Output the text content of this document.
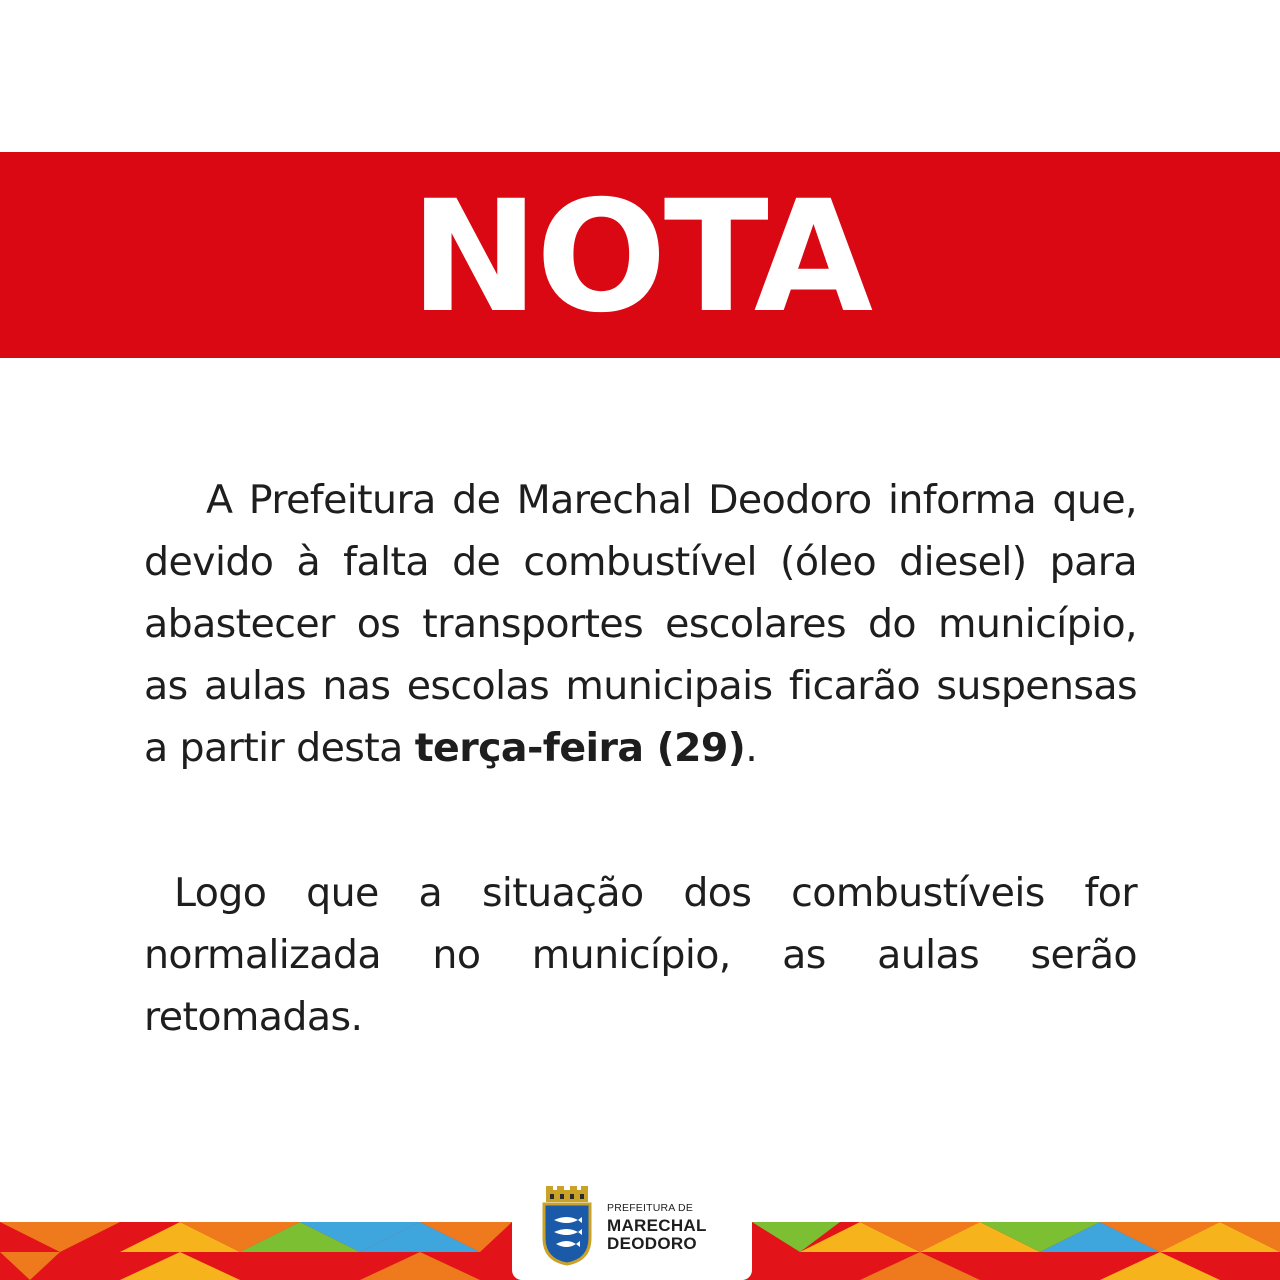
NOTA
A Prefeitura de Marechal Deodoro informa que, devido à falta de combustível (óleo diesel) para abastecer os transportes escolares do município, as aulas nas escolas municipais ficarão suspensas a partir desta terça-feira (29).
Logo que a situação dos combustíveis for normalizada no município, as aulas serão retomadas.
PREFEITURA DE
MARECHAL
DEODORO
